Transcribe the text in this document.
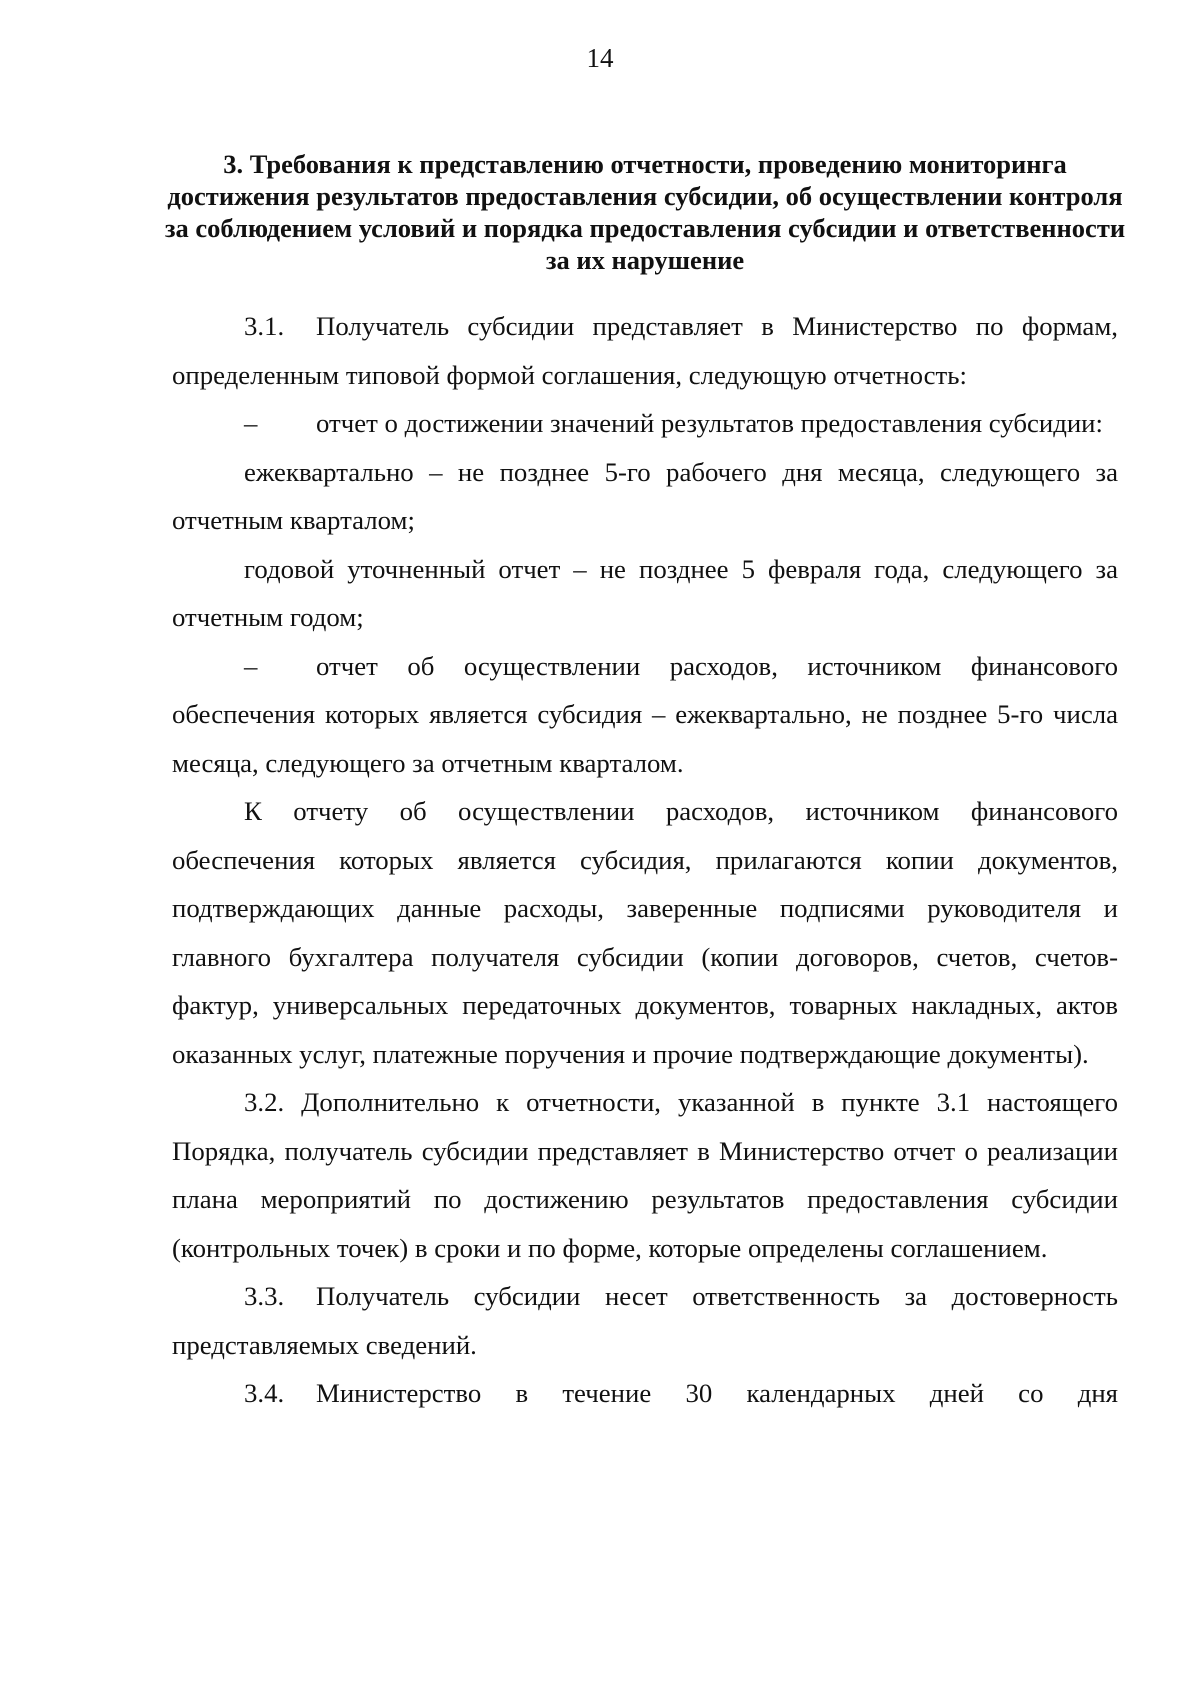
14
3. Требования к представлению отчетности, проведению мониторинга достижения результатов предоставления субсидии, об осуществлении контроля за соблюдением условий и порядка предоставления субсидии и ответственности за их нарушение

3.1. Получатель субсидии представляет в Министерство по формам, определенным типовой формой соглашения, следующую отчетность:

– отчет о достижении значений результатов предоставления субсидии:

ежеквартально – не позднее 5-го рабочего дня месяца, следующего за отчетным кварталом;

годовой уточненный отчет – не позднее 5 февраля года, следующего за отчетным годом;

– отчет об осуществлении расходов, источником финансового обеспечения которых является субсидия – ежеквартально, не позднее 5-го числа месяца, следующего за отчетным кварталом.

К отчету об осуществлении расходов, источником финансового обеспечения которых является субсидия, прилагаются копии документов, подтверждающих данные расходы, заверенные подписями руководителя и главного бухгалтера получателя субсидии (копии договоров, счетов, счетов-фактур, универсальных передаточных документов, товарных накладных, актов оказанных услуг, платежные поручения и прочие подтверждающие документы).

3.2. Дополнительно к отчетности, указанной в пункте 3.1 настоящего Порядка, получатель субсидии представляет в Министерство отчет о реализации плана мероприятий по достижению результатов предоставления субсидии (контрольных точек) в сроки и по форме, которые определены соглашением.

3.3. Получатель субсидии несет ответственность за достоверность представляемых сведений.

3.4. Министерство в течение 30 календарных дней со дня
